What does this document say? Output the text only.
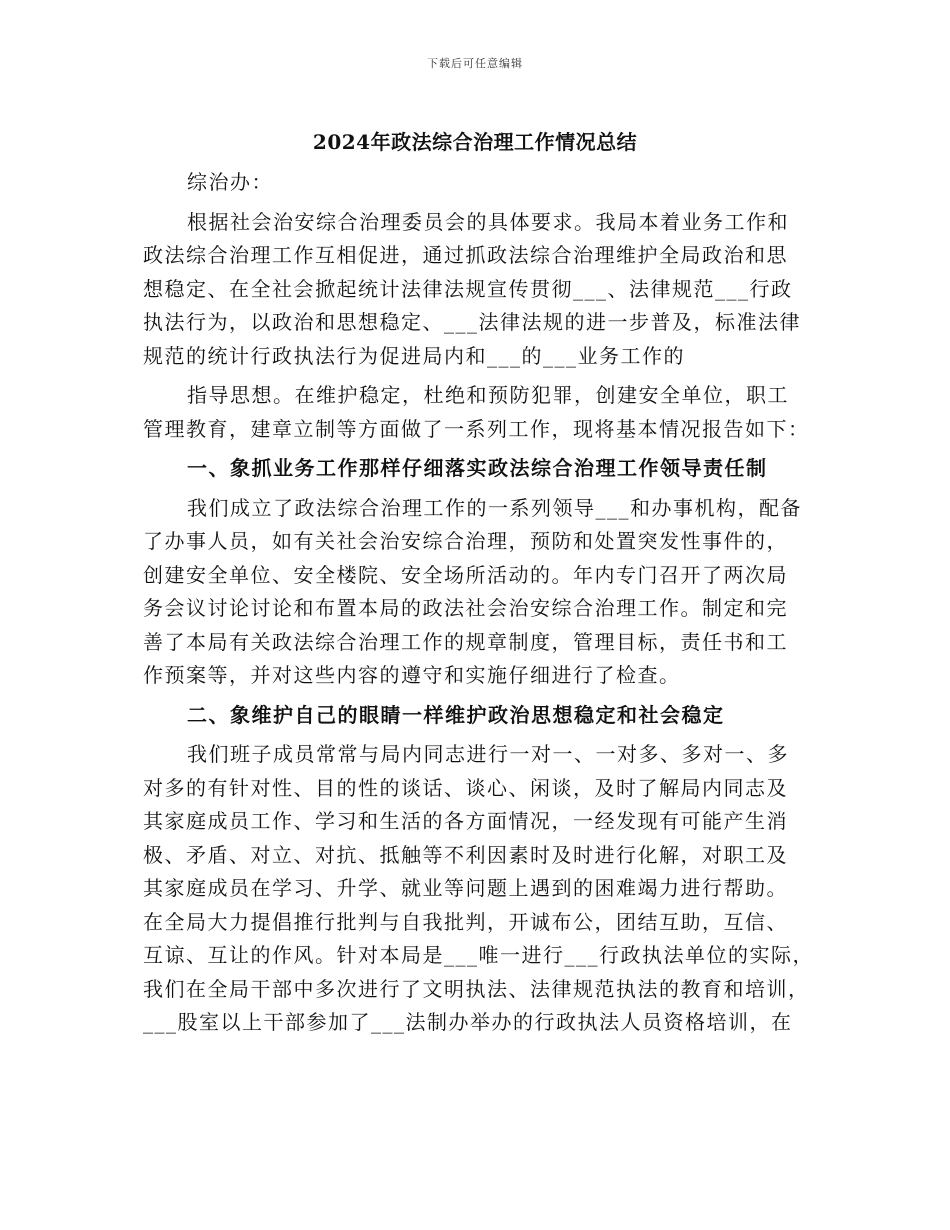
下载后可任意编辑
2024年政法综合治理工作情况总结
综治办：
根据社会治安综合治理委员会的具体要求。我局本着业务工作和
政法综合治理工作互相促进，通过抓政法综合治理维护全局政治和思
想稳定、在全社会掀起统计法律法规宣传贯彻___、法律规范___行政
执法行为，以政治和思想稳定、___法律法规的进一步普及，标准法律
规范的统计行政执法行为促进局内和___的___业务工作的
指导思想。在维护稳定，杜绝和预防犯罪，创建安全单位，职工
管理教育，建章立制等方面做了一系列工作，现将基本情况报告如下：
一、象抓业务工作那样仔细落实政法综合治理工作领导责任制
我们成立了政法综合治理工作的一系列领导___和办事机构，配备
了办事人员，如有关社会治安综合治理，预防和处置突发性事件的，
创建安全单位、安全楼院、安全场所活动的。年内专门召开了两次局
务会议讨论讨论和布置本局的政法社会治安综合治理工作。制定和完
善了本局有关政法综合治理工作的规章制度，管理目标，责任书和工
作预案等，并对这些内容的遵守和实施仔细进行了检查。
二、象维护自己的眼睛一样维护政治思想稳定和社会稳定
我们班子成员常常与局内同志进行一对一、一对多、多对一、多
对多的有针对性、目的性的谈话、谈心、闲谈，及时了解局内同志及
其家庭成员工作、学习和生活的各方面情况，一经发现有可能产生消
极、矛盾、对立、对抗、抵触等不利因素时及时进行化解，对职工及
其家庭成员在学习、升学、就业等问题上遇到的困难竭力进行帮助。
在全局大力提倡推行批判与自我批判，开诚布公，团结互助，互信、
互谅、互让的作风。针对本局是___唯一进行___行政执法单位的实际，
我们在全局干部中多次进行了文明执法、法律规范执法的教育和培训，
___股室以上干部参加了___法制办举办的行政执法人员资格培训，在
